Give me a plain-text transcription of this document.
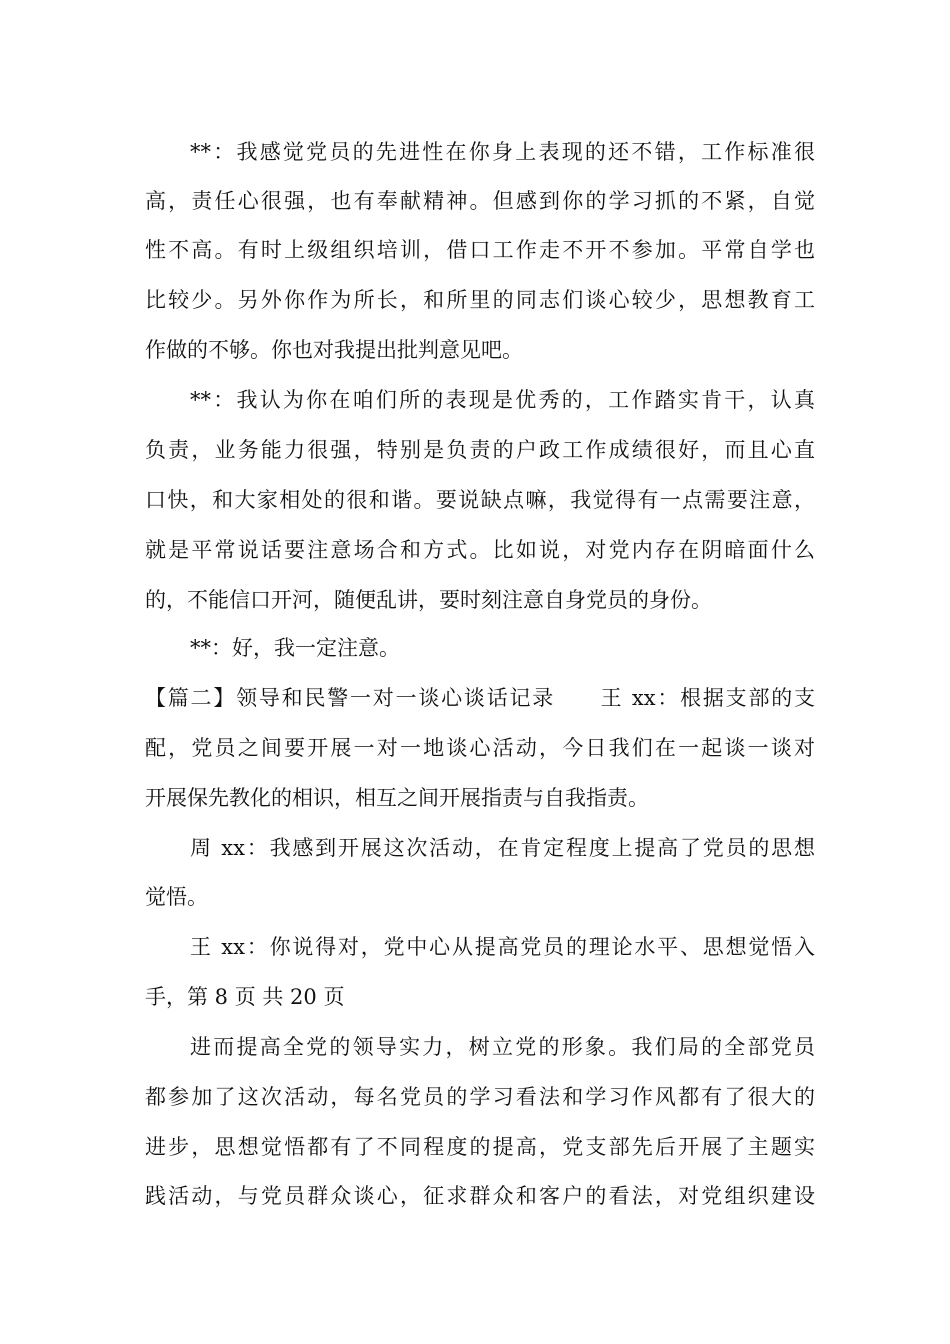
**：我感觉党员的先进性在你身上表现的还不错，工作标准很
高，责任心很强，也有奉献精神。但感到你的学习抓的不紧，自觉
性不高。有时上级组织培训，借口工作走不开不参加。平常自学也
比较少。另外你作为所长，和所里的同志们谈心较少，思想教育工
作做的不够。你也对我提出批判意见吧。
**：我认为你在咱们所的表现是优秀的，工作踏实肯干，认真
负责，业务能力很强，特别是负责的户政工作成绩很好，而且心直
口快，和大家相处的很和谐。要说缺点嘛，我觉得有一点需要注意，
就是平常说话要注意场合和方式。比如说，对党内存在阴暗面什么
的，不能信口开河，随便乱讲，要时刻注意自身党员的身份。
**：好，我一定注意。
【篇二】领导和民警一对一谈心谈话记录　　王 xx：根据支部的支
配，党员之间要开展一对一地谈心活动，今日我们在一起谈一谈对
开展保先教化的相识，相互之间开展指责与自我指责。
周 xx：我感到开展这次活动，在肯定程度上提高了党员的思想
觉悟。
王 xx：你说得对，党中心从提高党员的理论水平、思想觉悟入
手，第 8 页 共 20 页
进而提高全党的领导实力，树立党的形象。我们局的全部党员
都参加了这次活动，每名党员的学习看法和学习作风都有了很大的
进步，思想觉悟都有了不同程度的提高，党支部先后开展了主题实
践活动，与党员群众谈心，征求群众和客户的看法，对党组织建设
